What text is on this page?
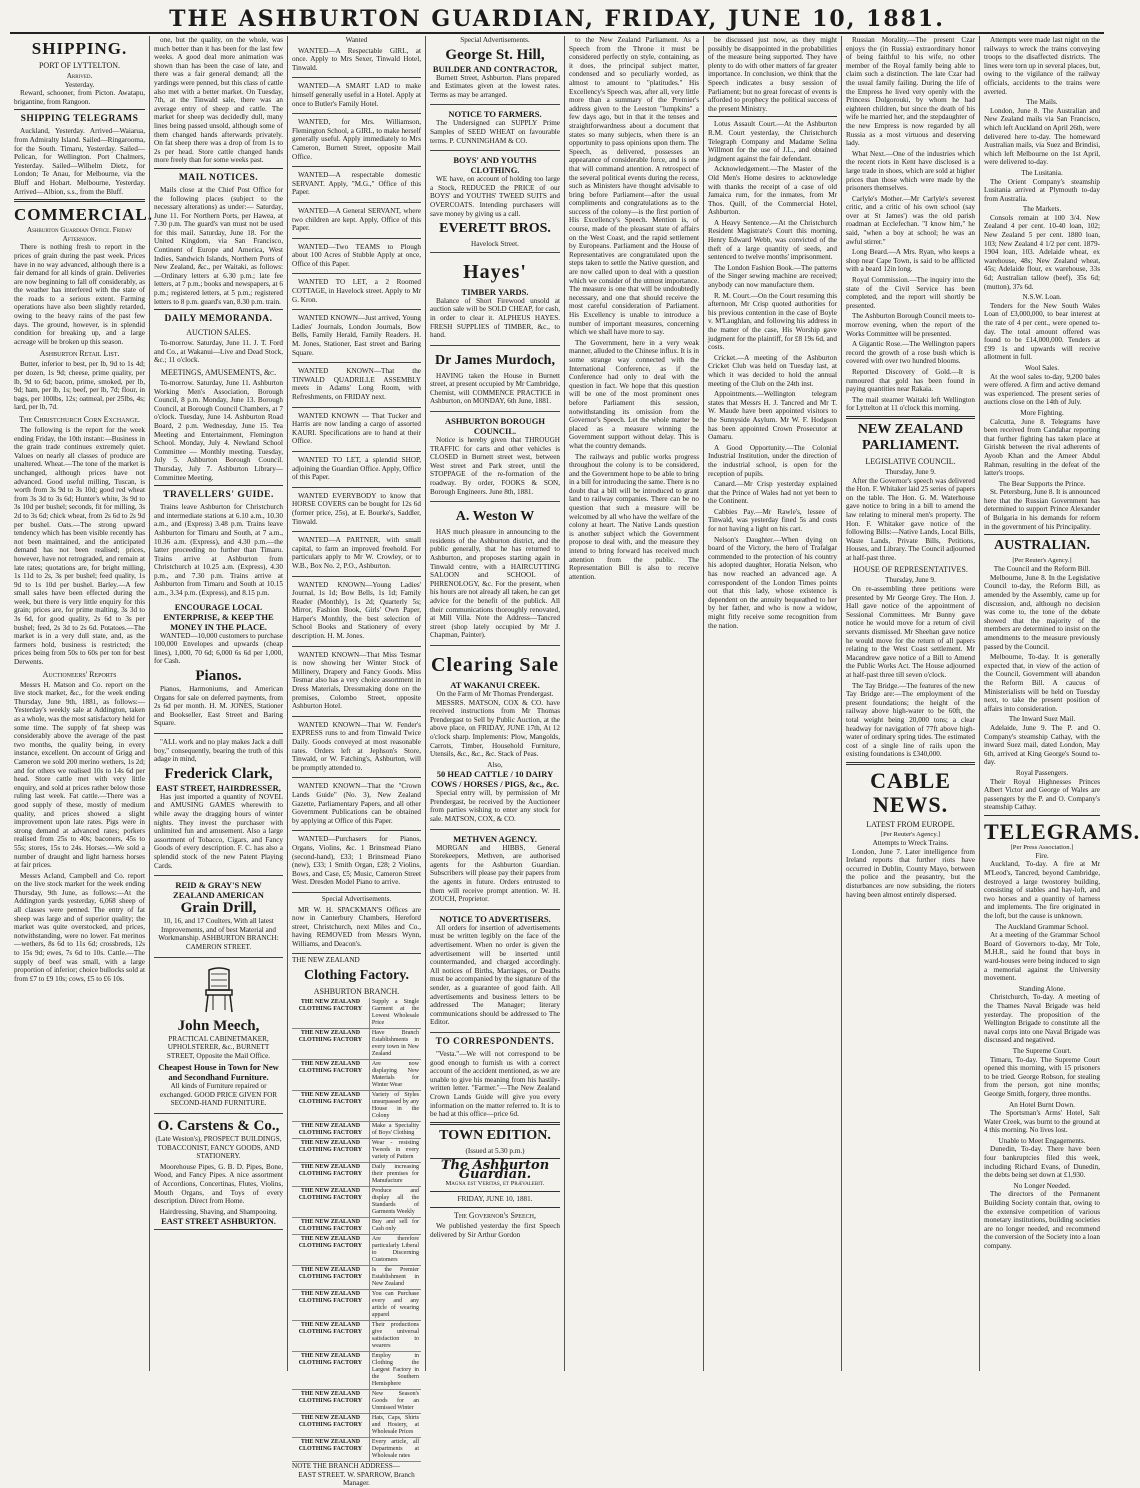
THE ASHBURTON GUARDIAN, FRIDAY, JUNE 10, 1881.
SHIPPING.
PORT OF LYTTELTON.
Arrived.
Yesterday.

Reward, schooner, from Picton. Awatapu, brigantine, from Rangoon.

SHIPPING TELEGRAMS

Auckland, Yesterday. Arrived—Waiarua, from Admiralty Island. Sailed—Ringarooma, for the South. Timaru, Yesterday. Sailed—Pelican, for Wellington. Port Chalmers, Yesterday. Sailed—Wilhelm Dietz, for London; Te Anau, for Melbourne, via the Bluff and Hobart. Melbourne, Yesterday. Arrived—Albion, s.s., from the Bluff.

COMMERCIAL.
Ashburton Guardian Office. Friday Afternoon.

There is nothing fresh to report in the prices of grain during the past week. Prices have in no way advanced, although there is a fair demand for all kinds of grain. Deliveries are now beginning to fall off considerably, as the weather has interfered with the state of the roads to a serious extent. Farming operations have also been slightly retarded, owing to the heavy rains of the past few days. The ground, however, is in splendid condition for breaking up, and a large acreage will be broken up this season.

Ashburton Retail List.

Butter, inferior to best, per lb, 9d to 1s 4d; per dozen, 1s 9d; cheese, prime quality, per lb, 9d to 6d; bacon, prime, smoked, per lb, 9d; ham, per lb, 1s; beef, per lb, 7d; flour, in bags, per 100lbs, 12s; oatmeal, per 25lbs, 4s; lard, per lb, 7d.

The Christchurch Corn Exchange.

The following is the report for the week ending Friday, the 10th instant:—Business in the grain trade continues extremely quiet. Values on nearly all classes of produce are unaltered. Wheat.—The tone of the market is unchanged, although prices have not advanced. Good useful milling, Tuscan, is worth from 3s 9d to 3s 10d; good red wheat from 3s 3d to 3s 6d; Hunter's white, 3s 9d to 3s 10d per bushel; seconds, fit for milling, 3s 2d to 3s 6d; chick wheat, from 2s 6d to 2s 9d per bushel. Oats.—The strong upward tendency which has been visible recently has not been maintained, and the anticipated demand has not been realised; prices, however, have not retrograded, and remain at late rates; quotations are, for bright milling, 1s 11d to 2s, 3s per bushel; feed quality, 1s 9d to 1s 10d per bushel. Barley.—A few small sales have been effected during the week, but there is very little enquiry for this grain; prices are, for prime malting, 3s 3d to 3s 6d, for good quality, 2s 6d to 3s per bushel; feed, 2s 3d to 2s 6d. Potatoes.—The market is in a very dull state, and, as the farmers hold, business is restricted; the prices being from 50s to 60s per ton for best Derwents.

Auctioneers' Reports

Messrs H. Matson and Co. report on the live stock market, &c., for the week ending Thursday, June 9th, 1881, as follows:—Yesterday's weekly sale at Addington, taken as a whole, was the most satisfactory held for some time. The supply of fat sheep was considerably above the average of the past two months, the quality being, in every instance, excellent. On account of Grigg and Cameron we sold 200 merino wethers, 1s 2d; and for others we realised 10s to 14s 6d per head. Store cattle met with very little enquiry, and sold at prices rather below those ruling last week. Fat cattle.—There was a good supply of these, mostly of medium quality, and prices showed a slight improvement upon late rates. Pigs were in strong demand at advanced rates; porkers realised from 25s to 40s; baconers, 45s to 55s; stores, 15s to 24s. Horses.—We sold a number of draught and light harness horses at fair prices.

Messrs Acland, Campbell and Co. report on the live stock market for the week ending Thursday, 9th June, as follows:—At the Addington yards yesterday, 6,068 sheep of all classes were penned. The entry of fat sheep was large and of superior quality; the market was quite overstocked, and prices, notwithstanding, were no lower. Fat merinos—wethers, 8s 6d to 11s 6d; crossbreds, 12s to 15s 9d; ewes, 7s 6d to 10s. Cattle.—The supply of beef was small, with a large proportion of inferior; choice bullocks sold at from £7 to £9 10s; cows, £5 to £6 10s.

one, but the quality, on the whole, was much better than it has been for the last few weeks. A good deal more animation was shown than has been the case of late, and there was a fair general demand; all the yardings were penned, but this class of cattle also met with a better market. On Tuesday, 7th, at the Tinwald sale, there was an average entry of sheep and cattle. The market for sheep was decidedly dull, many lines being passed unsold, although some of them changed hands afterwards privately. On fat sheep there was a drop of from 1s to 2s per head. Store cattle changed hands more freely than for some weeks past.

MAIL NOTICES.

Mails close at the Chief Post Office for the following places (subject to the necessary alterations) as under:— Saturday, June 11. For Northern Ports, per Hawea, at 7.30 p.m. The guard's van must not be used for this mail. Saturday, June 18. For the United Kingdom, via San Francisco, Continent of Europe and America, West Indies, Sandwich Islands, Northern Ports of New Zealand, &c., per Waitaki, as follows:—Ordinary letters at 6.30 p.m.; late fee letters, at 7 p.m.; books and newspapers, at 6 p.m.; registered letters, at 5 p.m.; registered letters to 8 p.m. guard's van, 8.30 p.m. train.

DAILY MEMORANDA.
AUCTION SALES.

To-morrow. Saturday, June 11. J. T. Ford and Co., at Wakanui—Live and Dead Stock, &c.; 11 o'clock.

MEETINGS, AMUSEMENTS, &c.

To-morrow. Saturday, June 11. Ashburton Working Men's Association, Borough Council, 8 p.m. Monday, June 13. Borough Council, at Borough Council Chambers, at 7 o'clock. Tuesday, June 14. Ashburton Road Board, 2 p.m. Wednesday, June 15. Tea Meeting and Entertainment, Flemington School. Monday, July 4. Newland School Committee — Monthly meeting. Tuesday, July 5. Ashburton Borough Council. Thursday, July 7. Ashburton Library—Committee Meeting.

TRAVELLERS' GUIDE.

Trains leave Ashburton for Christchurch and intermediate stations at 6.10 a.m., 10.30 a.m., and (Express) 3.48 p.m. Trains leave Ashburton for Timaru and South, at 7 a.m., 10.36 a.m. (Express), and 4.30 p.m.—the latter proceeding no further than Timaru. Trains arrive at Ashburton from Christchurch at 10.25 a.m. (Express), 4.30 p.m., and 7.30 p.m. Trains arrive at Ashburton from Timaru and South at 10.15 a.m., 3.34 p.m. (Express), and 8.15 p.m.

ENCOURAGE LOCAL ENTERPRISE, & KEEP THE MONEY IN THE PLACE.

WANTED—10,000 customers to purchase 100,000 Envelopes and upwards (cheap lines), 1,000, 70 6d; 6,000 6s 6d per 1,000, for Cash.

Pianos.

Pianos, Harmoniums, and American Organs for sale on deferred payments, from 2s 6d per month. H. M. JONES, Stationer and Bookseller, East Street and Baring Square.

"ALL work and no play makes Jack a dull boy," consequently, bearing the truth of this adage in mind,

Frederick Clark,
EAST STREET, HAIRDRESSER,

Has just imported a quantity of NOVEL and AMUSING GAMES wherewith to while away the dragging hours of winter nights. They invest the purchaser with unlimited fun and amusement. Also a large assortment of Tobacco, Cigars, and Fancy Goods of every description. F. C. has also a splendid stock of the new Patent Playing Cards.

REID & GRAY'S NEW ZEALAND AMERICAN
Grain Drill,

10, 16, and 17 Coulters, With all latest Improvements, and of best Material and Workmanship. ASHBURTON BRANCH: CAMERON STREET.

John Meech,

PRACTICAL CABINETMAKER, UPHOLSTERER, &c., BURNETT STREET, Opposite the Mail Office.

Cheapest House in Town for New and Secondhand Furniture.

All kinds of Furniture repaired or exchanged. GOOD PRICE GIVEN FOR SECOND-HAND FURNITURE.

O. Carstens & Co.,

(Late Weston's), PROSPECT BUILDINGS, TOBACCONIST, FANCY GOODS, AND STATIONERY.

Moorehouse Pipes, G. B. D. Pipes, Bone, Wood, and Fancy Pipes. A nice assortment of Accordions, Concertinas, Flutes, Violins, Mouth Organs, and Toys of every description. Direct from Home.

Hairdressing, Shaving, and Shampooing.
EAST STREET ASHBURTON.
Wanted

WANTED—A Respectable GIRL, at once. Apply to Mrs Sexer, Tinwald Hotel, Tinwald.

WANTED—A SMART LAD to make himself generally useful in a Hotel. Apply at once to Butler's Family Hotel.

WANTED, for Mrs. Williamson, Flemington School, a GIRL, to make herself generally useful. Apply immediately to Mrs Cameron, Burnett Street, opposite Mail Office.

WANTED—A respectable domestic SERVANT. Apply, "M.G.," Office of this Paper.

WANTED—A General SERVANT, where two children are kept. Apply, Office of this Paper.

WANTED—Two TEAMS to Plough about 100 Acres of Stubble Apply at once, Office of this Paper.

WANTED TO LET, a 2 Roomed COTTAGE, in Havelock street. Apply to Mr G. Kron.

WANTED KNOWN—Just arrived, Young Ladies' Journals, London Journals, Bow Bells, Family Herald, Family Readers. H. M. Jones, Stationer, East street and Baring Square.

WANTED KNOWN—That the TINWALD QUADRILLE ASSEMBLY meets in Adams' Long Room, with Refreshments, on FRIDAY next.

WANTED KNOWN — That Tucker and Harris are now landing a cargo of assorted KAURI. Specifications are to hand at their Office.

WANTED TO LET, a splendid SHOP, adjoining the Guardian Office. Apply, Office of this Paper.

WANTED EVERYBODY to know that HORSE COVERS can be bought for 12s 6d (former price, 25s), at E. Bourke's, Saddler, Tinwald.

WANTED—A PARTNER, with small capital, to farm an improved freehold. For particulars apply to Mr W. Crowley, or to W.B., Box No. 2, P.O., Ashburton.

WANTED KNOWN—Young Ladies' Journal, 1s 1d; Bow Bells, 1s 1d; Family Reader (Monthly), 1s 2d; Quarterly 5s; Mirror, Fashion Book, Girls' Own Paper, Harper's Monthly, the best selection of School Books and Stationery of every description. H. M. Jones.

WANTED KNOWN—That Miss Tesmar is now showing her Winter Stock of Millinery, Drapery and Fancy Goods. Miss Tesmar also has a very choice assortment in Dress Materials, Dressmaking done on the premises, Colombo Street, opposite Ashburton Hotel.

WANTED KNOWN—That W. Fender's EXPRESS runs to and from Tinwald Twice Daily. Goods conveyed at most reasonable rates. Orders left at Jephson's Store, Tinwald, or W. Fatching's, Ashburton, will be promptly attended to.

WANTED KNOWN—That the "Crown Lands Guide" (No. 3), New Zealand Gazette, Parliamentary Papers, and all other Government Publications can be obtained by applying at Office of this Paper.

WANTED—Purchasers for Pianos, Organs, Violins, &c. 1 Brinsmead Piano (second-hand), £33; 1 Brinsmead Piano (new), £33; 1 Smith Organ, £28; 2 Violins, Bows, and Case, £5; Music, Cameron Street West. Dresden Model Piano to arrive.

Special Advertisements.

MR W. H. SPACKMAN'S Offices are now in Canterbury Chambers, Hereford street, Christchurch, next Miles and Co., having REMOVED from Messrs Wynn, Williams, and Deacon's.

THE NEW ZEALAND
Clothing Factory.
ASHBURTON BRANCH.
THE NEW ZEALAND CLOTHING FACTORY
Supply a Single Garment at the Lowest Wholesale Price
THE NEW ZEALAND CLOTHING FACTORY
Have Branch Establishments in every town in New Zealand
THE NEW ZEALAND CLOTHING FACTORY
Are now displaying New Materials for Winter Wear
THE NEW ZEALAND CLOTHING FACTORY
Variety of Styles unsurpassed by any House in the Colony
THE NEW ZEALAND CLOTHING FACTORY
Make a Speciality of Boys' Clothing
THE NEW ZEALAND CLOTHING FACTORY
Wear - resisting Tweeds in every variety of Pattern
THE NEW ZEALAND CLOTHING FACTORY
Daily increasing their premises for Manufacture
THE NEW ZEALAND CLOTHING FACTORY
Produce and display all the Standards of Garments Weekly
THE NEW ZEALAND CLOTHING FACTORY
Buy and sell for Cash only
THE NEW ZEALAND CLOTHING FACTORY
Are therefore particularly Liberal to Discerning Customers
THE NEW ZEALAND CLOTHING FACTORY
Is the Premier Establishment in New Zealand
THE NEW ZEALAND CLOTHING FACTORY
You can Purchase every and any article of wearing apparel
THE NEW ZEALAND CLOTHING FACTORY
Their productions give universal satisfaction to wearers
THE NEW ZEALAND CLOTHING FACTORY
Employ in Clothing the Largest Factory in the Southern Hemisphere
THE NEW ZEALAND CLOTHING FACTORY
New Season's Goods for an Unmissed Winter
THE NEW ZEALAND CLOTHING FACTORY
Hats, Caps, Shirts and Hosiery, at Wholesale Prices
THE NEW ZEALAND CLOTHING FACTORY
Every article, all Departments at Wholesale rates
NOTE THE BRANCH ADDRESS—
EAST STREET. W. SPARROW, Branch Manager.
Special Advertisements.
George St. Hill,
BUILDER AND CONTRACTOR,

Burnett Street, Ashburton. Plans prepared and Estimates given at the lowest rates. Terms as may be arranged.

NOTICE TO FARMERS.

The Undersigned can SUPPLY Prime Samples of SEED WHEAT on favourable terms. P. CUNNINGHAM & CO.

BOYS' AND YOUTHS CLOTHING.

WE have, on account of holding too large a Stock, REDUCED the PRICE of our BOYS' and YOUTHS' TWEED SUITS and OVERCOATS. Intending purchasers will save money by giving us a call.

EVERETT BROS.
Havelock Street.
Hayes'
TIMBER YARDS.

Balance of Short Firewood unsold at auction sale will be SOLD CHEAP, for cash, in order to clear it. ALPHEUS HAYES. FRESH SUPPLIES of TIMBER, &c., to hand.

Dr James Murdoch,

HAVING taken the House in Burnett street, at present occupied by Mr Cambridge, Chemist, will COMMENCE PRACTICE in Ashburton, on MONDAY, 6th June, 1881.

ASHBURTON BOROUGH COUNCIL.

Notice is hereby given that THROUGH TRAFFIC for carts and other vehicles is CLOSED in Burnett street west, between West street and Park street, until the STOPPAGE of the re-formation of the roadway. By order, FOOKS & SON, Borough Engineers. June 8th, 1881.

A. Weston W

HAS much pleasure in announcing to the residents of the Ashburton district, and the public generally, that he has returned to Ashburton, and proposes starting again in Tinwald centre, with a HAIRCUTTING SALOON and SCHOOL of PHRENOLOGY, &c. For the present, when his hours are not already all taken, he can get advice for the benefit of the publick. All their communications thoroughly renovated, at Mill Villa. Note the Address—Tancred street (shop lately occupied by Mr J. Chapman, Painter).

Clearing Sale
AT WAKANUI CREEK.
On the Farm of Mr Thomas Prendergast.

MESSRS. MATSON, COX & CO. have received instructions from Mr Thomas Prendergast to Sell by Public Auction, at the above place, on FRIDAY, JUNE 17th, At 12 o'clock sharp. Implements: Plow, Mangolds, Carrots, Timber, Household Furniture, Utensils, &c., &c., &c. Stack of Peas.

Also,
50 HEAD CATTLE / 10 DAIRY COWS / HORSES / PIGS, &c., &c.

Special entry will, by permission of Mr Prendergast, be received by the Auctioneer from parties wishing to enter any stock for sale. MATSON, COX, & CO.

METHVEN AGENCY.

MORGAN and HIBBS, General Storekeepers, Methven, are authorised agents for the Ashburton Guardian. Subscribers will please pay their papers from the agents in future. Orders entrusted to them will receive prompt attention. W. H. ZOUCH, Proprietor.

NOTICE TO ADVERTISERS.

All orders for insertion of advertisements must be written legibly on the face of the advertisement. When no order is given the advertisement will be inserted until countermanded, and charged accordingly. All notices of Births, Marriages, or Deaths must be accompanied by the signature of the sender, as a guarantee of good faith. All advertisements and business letters to be addressed The Manager; literary communications should be addressed to The Editor.

TO CORRESPONDENTS.

"Vesta."—We will not correspond to be good enough to furnish us with a correct account of the accident mentioned, as we are unable to give his meaning from his hastily-written letter. "Farmer."—The New Zealand Crown Lands Guide will give you every information on the matter referred to. It is to be had at this office—price 6d.

TOWN EDITION.
(Issued at 5.30 p.m.)
The Ashburton Guardian.
Magna est Veritas, et Prævalebit.
FRIDAY, JUNE 10, 1881.
The Governor's Speech,

We published yesterday the first Speech delivered by Sir Arthur Gordon

to the New Zealand Parliament. As a Speech from the Throne it must be considered perfectly on style, containing, as it does, the principal subject matter, condensed and so peculiarly worded, as almost to amount to "platitudes." His Excellency's Speech was, after all, very little more than a summary of the Premier's address given to the Leeston "lumpkins" a few days ago, but in that it the tenses and straightforwardness about a document that states so many subjects, when there is an opportunity to pass opinions upon them. The Speech, as delivered, possesses an appearance of considerable force, and is one that will command attention. A retrospect of the several political events during the recess, such as Ministers have thought advisable to bring before Parliament—after the usual compliments and congratulations as to the success of the colony—is the first portion of His Excellency's Speech. Mention is, of course, made of the pleasant state of affairs on the West Coast, and the rapid settlement by Europeans. Parliament and the House of Representatives are congratulated upon the steps taken to settle the Native question, and are now called upon to deal with a question which we consider of the utmost importance. The measure is one that will be undoubtedly necessary, and one that should receive the most careful consideration of Parliament. His Excellency is unable to introduce a number of important measures, concerning which we shall have more to say.

The Government, here in a very weak manner, alluded to the Chinese influx. It is in some strange way connected with the International Conference, as if the Conference had only to deal with the question in fact. We hope that this question will be one of the most prominent ones before Parliament this session, notwithstanding its omission from the Governor's Speech. Let the whole matter be placed as a measure winning the Government support without delay. This is what the country demands.

The railways and public works progress throughout the colony is to be considered, and the Government hope to be able to bring in a bill for introducing the same. There is no doubt that a bill will be introduced to grant land to railway companies. There can be no question that such a measure will be welcomed by all who have the welfare of the colony at heart. The Native Lands question is another subject which the Government propose to deal with, and the measure they intend to bring forward has received much attention from the public. The Representation Bill is also to receive attention.

be discussed just now, as they might possibly be disappointed in the probabilities of the measure being supported. They have plenty to do with other matters of far greater importance. In conclusion, we think that the Speech indicates a busy session of Parliament; but no great forecast of events is afforded to prophecy the political success of the present Ministry.

Lotus Assault Court.—At the Ashburton R.M. Court yesterday, the Christchurch Telegraph Company and Madame Selina Willmott for the use of J.L., and obtained judgment against the fair defendant.

Acknowledgement.—The Master of the Old Men's Home desires to acknowledge with thanks the receipt of a case of old Jamaica rum, for the inmates, from Mr Thos. Quill, of the Commercial Hotel, Ashburton.

A Heavy Sentence.—At the Christchurch Resident Magistrate's Court this morning, Henry Edward Webb, was convicted of the theft of a large quantity of seeds, and sentenced to twelve months' imprisonment.

The London Fashion Book.—The patterns of the Singer sewing machine are received; anybody can now manufacture them.

R. M. Court.—On the Court resuming this afternoon, Mr Crisp quoted authorities for his previous contention in the case of Boyle v. M'Laughlan, and following his address in the matter of the case, His Worship gave judgment for the plaintiff, for £8 19s 6d, and costs.

Cricket.—A meeting of the Ashburton Cricket Club was held on Tuesday last, at which it was decided to hold the annual meeting of the Club on the 24th inst.

Appointments.—Wellington telegram states that Messrs H. J. Tancred and Mr T. W. Maude have been appointed visitors to the Sunnyside Asylum. Mr W. F. Hodgson has been appointed Crown Prosecutor at Oamaru.

A Good Opportunity.—The Colonial Industrial Institution, under the direction of the industrial school, is open for the reception of pupils.

Canard.—Mr Crisp yesterday explained that the Prince of Wales had not yet been to the Continent.

Cabbies Pay.—Mr Rawle's, lessee of Tinwald, was yesterday fined 5s and costs for not having a light on his cart.

Nelson's Daughter.—When dying on board of the Victory, the hero of Trafalgar commended to the protection of his country his adopted daughter, Horatia Nelson, who has now reached an advanced age. A correspondent of the London Times points out that this lady, whose existence is dependent on the annuity bequeathed to her by her father, and who is now a widow, might fitly receive some recognition from the nation.

Russian Morality.—The present Czar enjoys the (in Russia) extraordinary honor of being faithful to his wife, no other member of the Royal family being able to claim such a distinction. The late Czar had the usual family failing. During the life of the Empress he lived very openly with the Princess Dolgorouki, by whom he had eighteen children, but since the death of his wife he married her, and the stepdaughter of the new Empress is now regarded by all Russia as a most virtuous and deserving lady.

What Next.—One of the industries which the recent riots in Kent have disclosed is a large trade in shoes, which are sold at higher prices than those which were made by the prisoners themselves.

Carlyle's Mother.—Mr Carlyle's severest critic, and a critic of his own school (say over at St James') was the old parish roadman at Ecclefechan. "I know him," he said, "when a boy at school; he was an awful stirrer."

Long Beard.—A Mrs. Ryan, who keeps a shop near Cape Town, is said to be afflicted with a beard 12in long.

Royal Commission.—The inquiry into the state of the Civil Service has been completed, and the report will shortly be presented.

The Ashburton Borough Council meets to-morrow evening, when the report of the Works Committee will be presented.

A Gigantic Rose.—The Wellington papers record the growth of a rose bush which is covered with over two hundred blooms.

Reported Discovery of Gold.—It is rumoured that gold has been found in paying quantities near Rakaia.

The mail steamer Waitaki left Wellington for Lyttelton at 11 o'clock this morning.

NEW ZEALAND PARLIAMENT.
LEGISLATIVE COUNCIL.
Thursday, June 9.

After the Governor's speech was delivered the Hon. F. Whitaker laid 25 series of papers on the table. The Hon. G. M. Waterhouse gave notice to bring in a bill to amend the law relating to mineral men's property. The Hon. F. Whitaker gave notice of the following Bills:—Native Lands, Local Bills, Waste Lands, Private Bills, Petitions, Houses, and Library. The Council adjourned at half-past three.

HOUSE OF REPRESENTATIVES.
Thursday, June 9.

On re-assembling three petitions were presented by Mr George Grey. The Hon. J. Hall gave notice of the appointment of Sessional Committees. Mr Bunny gave notice he would move for a return of civil servants dismissed. Mr Sheehan gave notice he would move for the return of all papers relating to the West Coast settlement. Mr Macandrew gave notice of a Bill to Amend the Public Works Act. The House adjourned at half-past three till seven o'clock.

The Tay Bridge.—The features of the new Tay Bridge are:—The employment of the present foundations; the height of the railway above high-water to be 60ft, the total weight being 20,000 tons; a clear headway for navigation of 77ft above high-water of ordinary spring tides. The estimated cost of a single line of rails upon the existing foundations is £340,000.

CABLE NEWS.
LATEST FROM EUROPE.
[Per Reuter's Agency.]
Attempts to Wreck Trains.

London, June 7. Later intelligence from Ireland reports that further riots have occurred in Dublin, County Mayo, between the police and the peasantry, but the disturbances are now subsiding, the rioters having been almost entirely dispersed.

Attempts were made last night on the railways to wreck the trains conveying troops to the disaffected districts. The lines were torn up in several places, but, owing to the vigilance of the railway officials, accidents to the trains were averted.

The Mails.

London, June 8. The Australian and New Zealand mails via San Francisco, which left Auckland on April 26th, were delivered here to-day. The homeward Australian mails, via Suez and Brindisi, which left Melbourne on the 1st April, were delivered to-day.

The Lusitania.

The Orient Company's steamship Lusitania arrived at Plymouth to-day from Australia.

The Markets.

Consols remain at 100 3/4. New Zealand 4 per cent. 10-40 loan, 102; New Zealand 5 per cent. 1880 loan, 103; New Zealand 4 1/2 per cent. 1879-1904 loan, 103. Adelaide wheat, ex warehouse, 48s; New Zealand wheat, 45s; Adelaide flour, ex warehouse, 33s 6d; Australian tallow (beef), 35s 6d; (mutton), 37s 6d.

N.S.W. Loan.

Tenders for the New South Wales Loan of £3,000,000, to bear interest at the rate of 4 per cent., were opened to-day. The total amount offered was found to be £14,000,000. Tenders at £99 1s and upwards will receive allotment in full.

Wool Sales.

At the wool sales to-day, 9,200 bales were offered. A firm and active demand was experienced. The present series of auctions close on the 14th of July.

More Fighting.

Calcutta, June 8. Telegrams have been received from Candahar reporting that further fighting has taken place at Girishk between the rival adherents of Ayoob Khan and the Ameer Abdul Rahman, resulting in the defeat of the latter's troops.

The Bear Supports the Prince.

St. Petersburg, June 8. It is announced here that the Russian Government has determined to support Prince Alexander of Bulgaria in his demands for reform in the government of his Principality.

AUSTRALIAN.
[Per Reuter's Agency.]
The Council and the Reform Bill.

Melbourne, June 8. In the Legislative Council to-day, the Reform Bill, as amended by the Assembly, came up for discussion, and, although no decision was come to, the tone of the debate showed that the majority of the members are determined to insist on the amendments to the measure previously passed by the Council.

Melbourne, To-day. It is generally expected that, in view of the action of the Council, Government will abandon the Reform Bill. A caucus of Ministerialists will be held on Tuesday next, to take the present position of affairs into consideration.

The Inward Suez Mail.

Adelaide, June 9. The P. and O. Company's steamship Cathay, with the inward Suez mail, dated London, May 6th, arrived at King George's Sound to-day.

Royal Passengers.

Their Royal Highnesses Princes Albert Victor and George of Wales are passengers by the P. and O. Company's steamship Cathay.

TELEGRAMS.
[Per Press Association.]
Fire.

Auckland, To-day. A fire at Mr M'Leod's, Tancred, beyond Cambridge, destroyed a large twostorey building, consisting of stables and hay-loft, and two horses and a quantity of harness and implements. The fire originated in the loft, but the cause is unknown.

The Auckland Grammar School.

At a meeting of the Grammar School Board of Governors to-day, Mr Tole, M.H.R., said he found that boys in ward-houses were being induced to sign a memorial against the University movement.

Standing Alone.

Christchurch, To-day. A meeting of the Thames Naval Brigade was held yesterday. The proposition of the Wellington Brigade to constitute all the naval corps into one Naval Brigade was discussed and negatived.

The Supreme Court.

Timaru, To-day. The Supreme Court opened this morning, with 15 prisoners to be tried. George Robson, for stealing from the person, got nine months; George Smith, forgery, three months.

An Hotel Burnt Down.

The Sportsman's Arms' Hotel, Salt Water Creek, was burnt to the ground at 4 this morning. No lives lost.

Unable to Meet Engagements.

Dunedin, To-day. There have been four bankruptcies filed this week, including Richard Evans, of Dunedin, the debts being set down at £1,930.

No Longer Needed.

The directors of the Permanent Building Society contain that, owing to the extensive competition of various monetary institutions, building societies are no longer needed, and recommend the conversion of the Society into a loan company.
